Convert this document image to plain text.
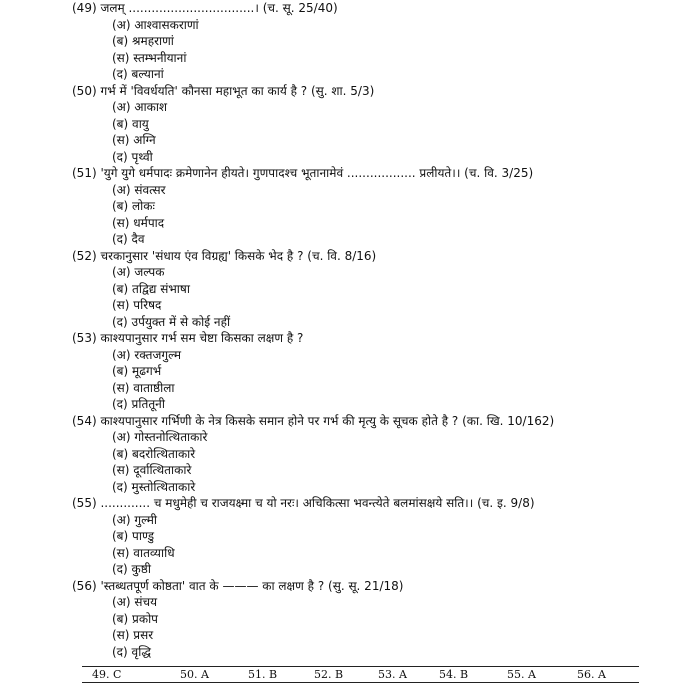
(49) जलम् .................................। (च. सू. 25/40)
(अ) आश्वासकराणां
(ब) श्रमहराणां
(स) स्तम्भनीयानां
(द) बल्यानां
(50) गर्भ में 'विवर्धयति' कौनसा महाभूत का कार्य है ? (सु. शा. 5/3)
(अ) आकाश
(ब) वायु
(स) अग्नि
(द) पृथ्वी
(51) 'युगे युगे धर्मपादः क्रमेणानेन हीयते। गुणपादश्च भूतानामेवं .................. प्रलीयते।। (च. वि. 3/25)
(अ) संवत्सर
(ब) लोकः
(स) धर्मपाद
(द) दैव
(52) चरकानुसार 'संधाय एंव विग्रह्य' किसके भेद है ? (च. वि. 8/16)
(अ) जल्पक
(ब) तद्विद्य संभाषा
(स) परिषद
(द) उर्पयुक्त में से कोई नहीं
(53) काश्यपानुसार गर्भ सम चेष्टा किसका लक्षण है ?
(अ) रक्तजगुल्म
(ब) मूढगर्भ
(स) वाताष्ठीला
(द) प्रतितूनी
(54) काश्यपानुसार गर्भिणी के नेत्र किसके समान होने पर गर्भ की मृत्यु के सूचक होते है ? (का. खि. 10/162)
(अ) गोस्तनोत्थिताकारे
(ब) बदरोत्थिताकारे
(स) दूर्वात्थिताकारे
(द) मुस्तोत्थिताकारे
(55) ............. च मधुमेही च राजयक्ष्मा च यो नरः। अचिकित्सा भवन्त्येते बलमांसक्षये सति।। (च. इ. 9/8)
(अ) गुल्मी
(ब) पाण्डु
(स) वातव्याधि
(द) कुष्ठी
(56) 'स्तब्धतपूर्ण कोष्ठता' वात के ——— का लक्षण है ? (सु. सू. 21/18)
(अ) संचय
(ब) प्रकोप
(स) प्रसर
(द) वृद्धि
49. C	50. A	51. B	52. B	53. A	54. B	55. A	56. A
